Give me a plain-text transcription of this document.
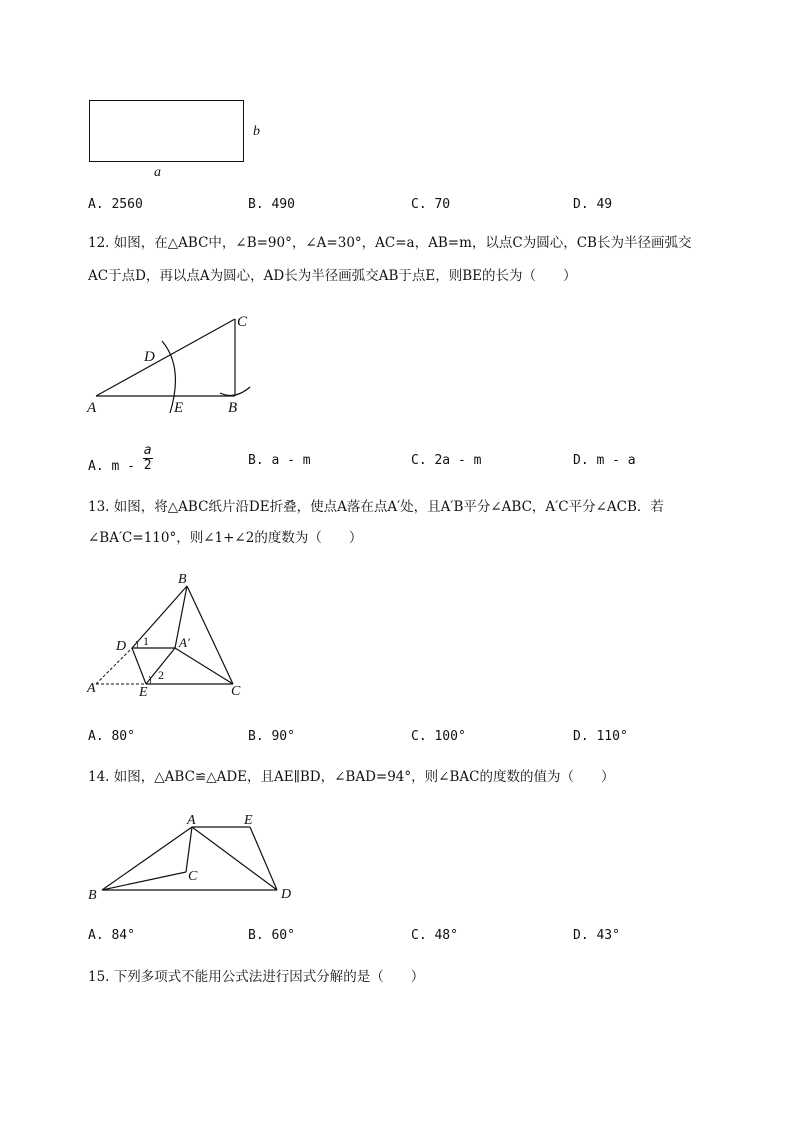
b
a
A. 2560	B. 490	C. 70	D. 49
12. 如图，在△ABC中，∠B=90°，∠A=30°，AC=a，AB=m，以点C为圆心，CB长为半径画弧交
AC于点D，再以点A为圆心，AD长为半径画弧交AB于点E，则BE的长为（　　）
C
D
A	E	B
A. m - $\frac{a}{2}$	B. a - m	C. 2a - m	D. m - a
13. 如图，将△ABC纸片沿DE折叠，使点A落在点A′处，且A′B平分∠ABC，A′C平分∠ACB．若
∠BA′C=110°，则∠1+∠2的度数为（　　）
B
D 1 A′
2
A	E	C
A. 80°	B. 90°	C. 100°	D. 110°
14. 如图，△ABC≌△ADE，且AE∥BD，∠BAD=94°，则∠BAC的度数的值为（　　）
A	E
C
B	D
A. 84°	B. 60°	C. 48°	D. 43°
15. 下列多项式不能用公式法进行因式分解的是（　　）
